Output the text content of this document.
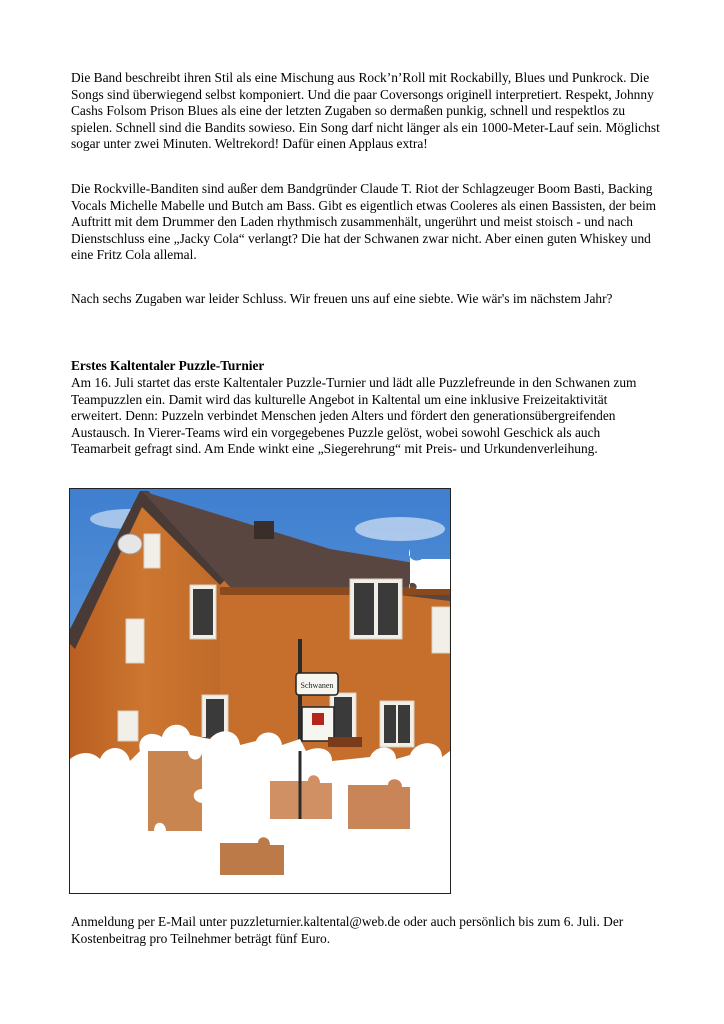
Die Band beschreibt ihren Stil als eine Mischung aus Rock’n’Roll mit Rockabilly, Blues und Punkrock. Die Songs sind überwiegend selbst komponiert. Und die paar Coversongs originell interpretiert. Respekt, Johnny Cashs Folsom Prison Blues als eine der letzten Zugaben so dermaßen punkig, schnell und respektlos zu spielen. Schnell sind die Bandits sowieso. Ein Song darf nicht länger als ein 1000-Meter-Lauf sein. Möglichst sogar unter zwei Minuten. Weltrekord! Dafür einen Applaus extra!

Die Rockville-Banditen sind außer dem Bandgründer Claude T. Riot der Schlagzeuger Boom Basti, Backing Vocals Michelle Mabelle und Butch am Bass. Gibt es eigentlich etwas Cooleres als einen Bassisten, der beim Auftritt mit dem Drummer den Laden rhythmisch zusammenhält, ungerührt und meist stoisch - und nach Dienstschluss eine „Jacky Cola“ verlangt? Die hat der Schwanen zwar nicht. Aber einen guten Whiskey und eine Fritz Cola allemal.

Nach sechs Zugaben war leider Schluss. Wir freuen uns auf eine siebte. Wie wär's im nächstem Jahr?

Erstes Kaltentaler Puzzle-Turnier

Am 16. Juli startet das erste Kaltentaler Puzzle-Turnier und lädt alle Puzzlefreunde in den Schwanen zum Teampuzzlen ein. Damit wird das kulturelle Angebot in Kaltental um eine inklusive Freizeitaktivität erweitert. Denn: Puzzeln verbindet Menschen jeden Alters und fördert den generationsübergreifenden Austausch. In Vierer-Teams wird ein vorgegebenes Puzzle gelöst, wobei sowohl Geschick als auch Teamarbeit gefragt sind. Am Ende winkt eine „Siegerehrung“ mit Preis- und Urkundenverleihung.

Schwanen

Anmeldung per E-Mail unter puzzleturnier.kaltental@web.de oder auch persönlich bis zum 6. Juli. Der Kostenbeitrag pro Teilnehmer beträgt fünf Euro.
